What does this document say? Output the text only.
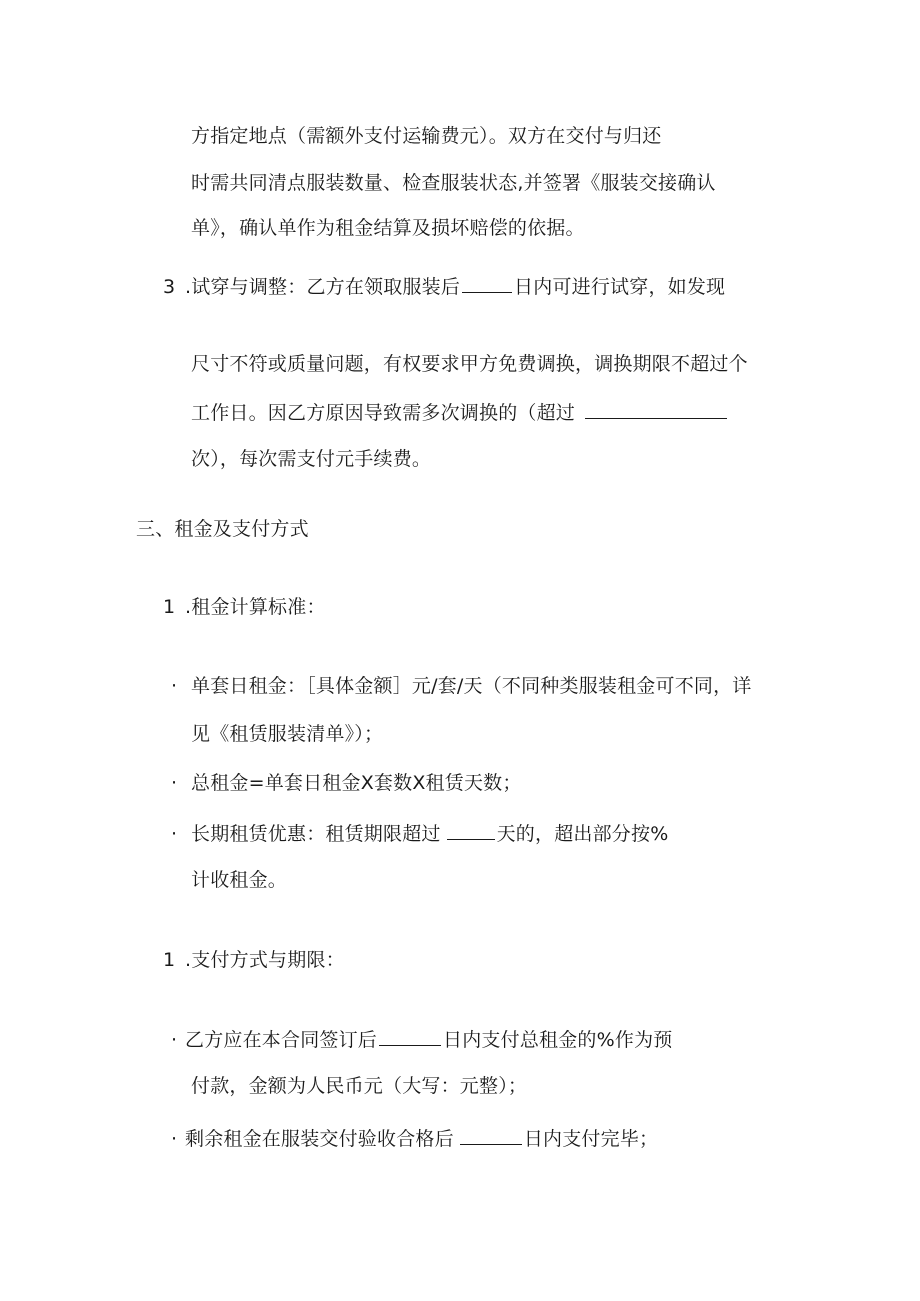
方指定地点（需额外支付运输费元）。双方在交付与归还
时需共同清点服装数量、检查服装状态,并签署《服装交接确认
单》，确认单作为租金结算及损坏赔偿的依据。
3 .试穿与调整：乙方在领取服装后	日内可进行试穿，如发现
尺寸不符或质量问题，有权要求甲方免费调换，调换期限不超过个
工作日。因乙方原因导致需多次调换的（超过
次），每次需支付元手续费。
三、租金及支付方式
1 .租金计算标准：
· 单套日租金：［具体金额］元/套/天（不同种类服装租金可不同，详
见《租赁服装清单》）；
· 总租金=单套日租金X套数X租赁天数；
· 长期租赁优惠：租赁期限超过	天的，超出部分按%
计收租金。
1 .支付方式与期限：
· 乙方应在本合同签订后	日内支付总租金的%作为预
付款，金额为人民币元（大写：元整）；
· 剩余租金在服装交付验收合格后	日内支付完毕；
